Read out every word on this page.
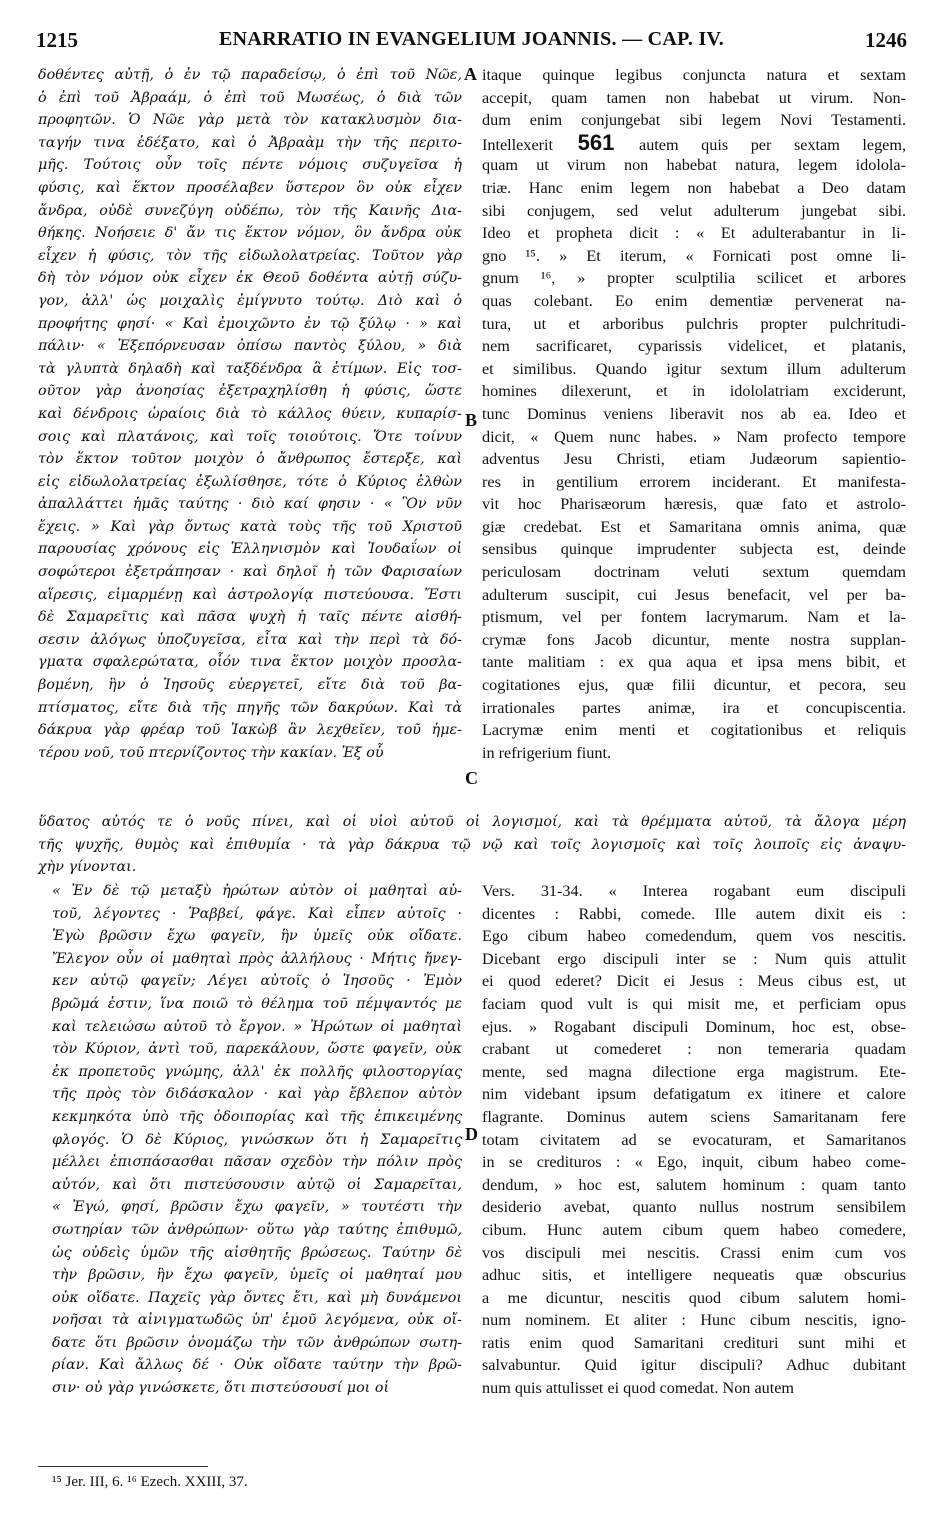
1215	ENARRATIO IN EVANGELIUM JOANNIS. — CAP. IV.	1246
δοθέντες αὐτῇ, ὁ ἐν τῷ παραδείσῳ, ὁ ἐπὶ τοῦ Νῶε,
ὁ ἐπὶ τοῦ Ἀβραάμ, ὁ ἐπὶ τοῦ Μωσέως, ὁ διὰ τῶν
προφητῶν. Ὁ Νῶε γὰρ μετὰ τὸν κατακλυσμὸν δια-
ταγήν τινα ἐδέξατο, καὶ ὁ Ἀβραὰμ τὴν τῆς περιτο-
μῆς. Τούτοις οὖν τοῖς πέντε νόμοις συζυγεῖσα ἡ
φύσις, καὶ ἕκτον προσέλαβεν ὕστερον ὃν οὐκ εἶχεν
ἄνδρα, οὐδὲ συνεζύγη οὐδέπω, τὸν τῆς Καινῆς Δια-
θήκης. Νοήσειε δ' ἄν τις ἕκτον νόμον, ὃν ἄνδρα οὐκ
εἶχεν ἡ φύσις, τὸν τῆς εἰδωλολατρείας. Τοῦτον γὰρ
δὴ τὸν νόμον οὐκ εἶχεν ἐκ Θεοῦ δοθέντα αὐτῇ σύζυ-
γον, ἀλλ' ὡς μοιχαλὶς ἐμίγνυτο τούτῳ. Διὸ καὶ ὁ
προφήτης φησί· « Καὶ ἐμοιχῶντο ἐν τῷ ξύλῳ · » καὶ
πάλιν· « Ἐξεπόρνευσαν ὀπίσω παντὸς ξύλου, » διὰ
τὰ γλυπτὰ δηλαδὴ καὶ ταξδένδρα ἃ ἐτίμων. Εἰς τοσ-
οῦτον γὰρ ἀνοησίας ἐξετραχηλίσθη ἡ φύσις, ὥστε
καὶ δένδροις ὡραίοις διὰ τὸ κάλλος θύειν, κυπαρίσ-
σοις καὶ πλατάνοις, καὶ τοῖς τοιούτοις. Ὅτε τοίνυν
τὸν ἕκτον τοῦτον μοιχὸν ὁ ἄνθρωπος ἔστερξε, καὶ
εἰς εἰδωλολατρείας ἐξωλίσθησε, τότε ὁ Κύριος ἐλθὼν
ἀπαλλάττει ἡμᾶς ταύτης · διὸ καί φησιν · « Ὃν νῦν
ἔχεις. » Καὶ γὰρ ὄντως κατὰ τοὺς τῆς τοῦ Χριστοῦ
παρουσίας χρόνους εἰς Ἑλληνισμὸν καὶ Ἰουδαΐων οἱ
σοφώτεροι ἐξετράπησαν · καὶ δηλοῖ ἡ τῶν Φαρισαίων
αἵρεσις, εἱμαρμένῃ καὶ ἀστρολογίᾳ πιστεύουσα. Ἔστι
δὲ Σαμαρεῖτις καὶ πᾶσα ψυχὴ ἡ ταῖς πέντε αἰσθή-
σεσιν ἀλόγως ὑποζυγεῖσα, εἶτα καὶ τὴν περὶ τὰ δό-
γματα σφαλερώτατα, οἷόν τινα ἕκτον μοιχὸν προσλα-
βομένη, ἣν ὁ Ἰησοῦς εὐεργετεῖ, εἴτε διὰ τοῦ βα-
πτίσματος, εἴτε διὰ τῆς πηγῆς τῶν δακρύων. Καὶ τὰ
δάκρυα γὰρ φρέαρ τοῦ Ἰακὼβ ἂν λεχθεῖεν, τοῦ ἡμε-
τέρου νοῦ, τοῦ πτερνίζοντος τὴν κακίαν. Ἐξ οὗ
itaque quinque legibus conjuncta natura et sextam
accepit, quam tamen non habebat ut virum. Non-
dum enim conjungebat sibi legem Novi Testamenti.
Intellexerit 561 autem quis per sextam legem,
quam ut virum non habebat natura, legem idolola-
triæ. Hanc enim legem non habebat a Deo datam
sibi conjugem, sed velut adulterum jungebat sibi.
Ideo et propheta dicit : « Et adulterabantur in li-
gno ¹⁵. » Et iterum, « Fornicati post omne li-
gnum ¹⁶, » propter sculptilia scilicet et arbores
quas colebant. Eo enim dementiæ pervenerat na-
tura, ut et arboribus pulchris propter pulchritudi-
nem sacrificaret, cyparissis videlicet, et platanis,
et similibus. Quando igitur sextum illum adulterum
homines dilexerunt, et in idololatriam exciderunt,
tunc Dominus veniens liberavit nos ab ea. Ideo et
dicit, « Quem nunc habes. » Nam profecto tempore
adventus Jesu Christi, etiam Judæorum sapientio-
res in gentilium errorem inciderant. Et manifesta-
vit hoc Pharisæorum hæresis, quæ fato et astrolo-
giæ credebat. Est et Samaritana omnis anima, quæ
sensibus quinque imprudenter subjecta est, deinde
periculosam doctrinam veluti sextum quemdam
adulterum suscipit, cui Jesus benefacit, vel per ba-
ptismum, vel per fontem lacrymarum. Nam et la-
crymæ fons Jacob dicuntur, mente nostra supplan-
tante malitiam : ex qua aqua et ipsa mens bibit, et
cogitationes ejus, quæ filii dicuntur, et pecora, seu
irrationales partes animæ, ira et concupiscentia.
Lacrymæ enim menti et cogitationibus et reliquis
in refrigerium fiunt.
A
B
C
D
ὕδατος αὐτός τε ὁ νοῦς πίνει, καὶ οἱ υἱοὶ αὐτοῦ οἱ λογισμοί, καὶ τὰ θρέμματα αὐτοῦ, τὰ ἄλογα μέρη
τῆς ψυχῆς, θυμὸς καὶ ἐπιθυμία · τὰ γὰρ δάκρυα τῷ νῷ καὶ τοῖς λογισμοῖς καὶ τοῖς λοιποῖς εἰς ἀναψυ-
χὴν γίνονται.
« Ἐν δὲ τῷ μεταξὺ ἠρώτων αὐτὸν οἱ μαθηταὶ αὐ-
τοῦ, λέγοντες · Ῥαββεί, φάγε. Καὶ εἶπεν αὐτοῖς ·
Ἐγὼ βρῶσιν ἔχω φαγεῖν, ἣν ὑμεῖς οὐκ οἴδατε.
Ἔλεγον οὖν οἱ μαθηταὶ πρὸς ἀλλήλους · Μήτις ἤνεγ-
κεν αὐτῷ φαγεῖν; Λέγει αὐτοῖς ὁ Ἰησοῦς · Ἐμὸν
βρῶμά ἐστιν, ἵνα ποιῶ τὸ θέλημα τοῦ πέμψαντός με
καὶ τελειώσω αὐτοῦ τὸ ἔργον. » Ἠρώτων οἱ μαθηταὶ
τὸν Κύριον, ἀντὶ τοῦ, παρεκάλουν, ὥστε φαγεῖν, οὐκ
ἐκ προπετοῦς γνώμης, ἀλλ' ἐκ πολλῆς φιλοστοργίας
τῆς πρὸς τὸν διδάσκαλον · καὶ γὰρ ἔβλεπον αὐτὸν
κεκμηκότα ὑπὸ τῆς ὁδοιπορίας καὶ τῆς ἐπικειμένης
φλογός. Ὁ δὲ Κύριος, γινώσκων ὅτι ἡ Σαμαρεῖτις
μέλλει ἐπισπάσασθαι πᾶσαν σχεδὸν τὴν πόλιν πρὸς
αὐτόν, καὶ ὅτι πιστεύσουσιν αὐτῷ οἱ Σαμαρεῖται,
« Ἐγώ, φησί, βρῶσιν ἔχω φαγεῖν, » τουτέστι τὴν
σωτηρίαν τῶν ἀνθρώπων· οὕτω γὰρ ταύτης ἐπιθυμῶ,
ὡς οὐδεὶς ὑμῶν τῆς αἰσθητῆς βρώσεως. Ταύτην δὲ
τὴν βρῶσιν, ἣν ἔχω φαγεῖν, ὑμεῖς οἱ μαθηταί μου
οὐκ οἴδατε. Παχεῖς γὰρ ὄντες ἔτι, καὶ μὴ δυνάμενοι
νοῆσαι τὰ αἰνιγματωδῶς ὑπ' ἐμοῦ λεγόμενα, οὐκ οἴ-
δατε ὅτι βρῶσιν ὀνομάζω τὴν τῶν ἀνθρώπων σωτη-
ρίαν. Καὶ ἄλλως δέ · Οὐκ οἴδατε ταύτην τὴν βρῶ-
σιν· οὐ γὰρ γινώσκετε, ὅτι πιστεύσουσί μοι οἱ
Vers. 31-34. « Interea rogabant eum discipuli
dicentes : Rabbi, comede. Ille autem dixit eis :
Ego cibum habeo comedendum, quem vos nescitis.
Dicebant ergo discipuli inter se : Num quis attulit
ei quod ederet? Dicit ei Jesus : Meus cibus est, ut
faciam quod vult is qui misit me, et perficiam opus
ejus. » Rogabant discipuli Dominum, hoc est, obse-
crabant ut comederet : non temeraria quadam
mente, sed magna dilectione erga magistrum. Ete-
nim videbant ipsum defatigatum ex itinere et calore
flagrante. Dominus autem sciens Samaritanam fere
totam civitatem ad se evocaturam, et Samaritanos
in se credituros : « Ego, inquit, cibum habeo come-
dendum, » hoc est, salutem hominum : quam tanto
desiderio avebat, quanto nullus nostrum sensibilem
cibum. Hunc autem cibum quem habeo comedere,
vos discipuli mei nescitis. Crassi enim cum vos
adhuc sitis, et intelligere nequeatis quæ obscurius
a me dicuntur, nescitis quod cibum salutem homi-
num nominem. Et aliter : Hunc cibum nescitis, igno-
ratis enim quod Samaritani credituri sunt mihi et
salvabuntur. Quid igitur discipuli? Adhuc dubitant
num quis attulisset ei quod comedat. Non autem
¹⁵ Jer. III, 6. ¹⁶ Ezech. XXIII, 37.
